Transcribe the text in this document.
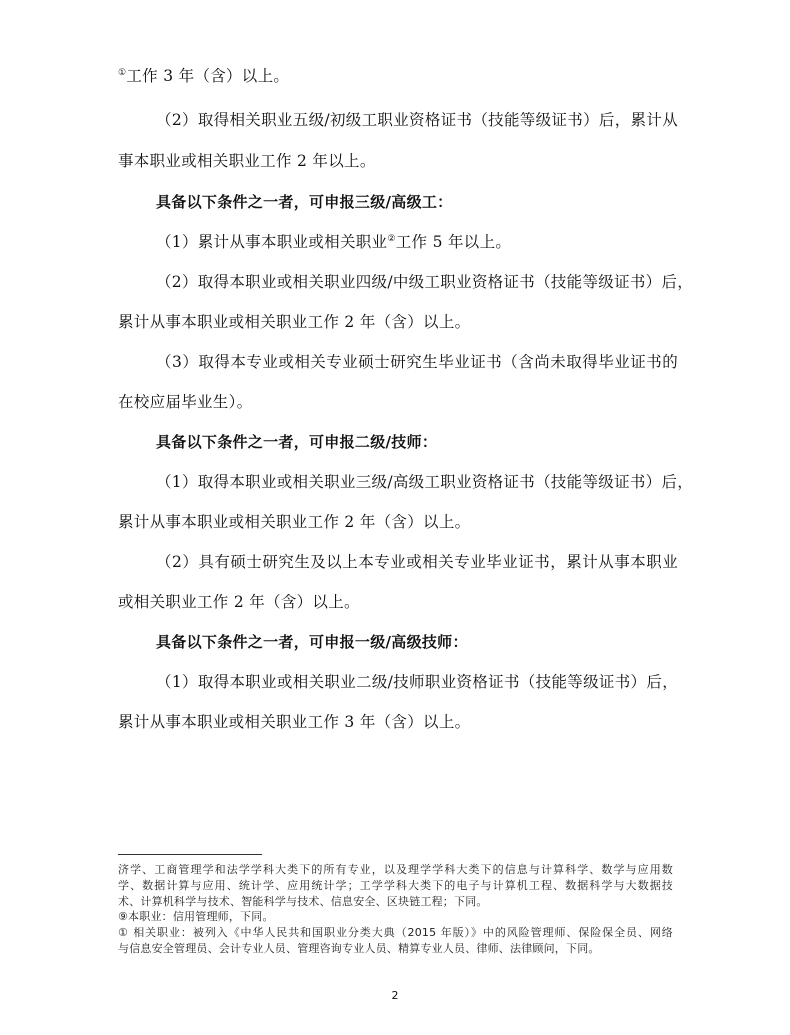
①工作 3 年（含）以上。
（2）取得相关职业五级/初级工职业资格证书（技能等级证书）后，累计从
事本职业或相关职业工作 2 年以上。
具备以下条件之一者，可申报三级/高级工：
（1）累计从事本职业或相关职业②工作 5 年以上。
（2）取得本职业或相关职业四级/中级工职业资格证书（技能等级证书）后，
累计从事本职业或相关职业工作 2 年（含）以上。
（3）取得本专业或相关专业硕士研究生毕业证书（含尚未取得毕业证书的
在校应届毕业生）。
具备以下条件之一者，可申报二级/技师：
（1）取得本职业或相关职业三级/高级工职业资格证书（技能等级证书）后，
累计从事本职业或相关职业工作 2 年（含）以上。
（2）具有硕士研究生及以上本专业或相关专业毕业证书，累计从事本职业
或相关职业工作 2 年（含）以上。
具备以下条件之一者，可申报一级/高级技师：
（1）取得本职业或相关职业二级/技师职业资格证书（技能等级证书）后，
累计从事本职业或相关职业工作 3 年（含）以上。
济学、工商管理学和法学学科大类下的所有专业，以及理学学科大类下的信息与计算科学、数学与应用数
学、数据计算与应用、统计学、应用统计学；工学学科大类下的电子与计算机工程、数据科学与大数据技
术、计算机科学与技术、智能科学与技术、信息安全、区块链工程；下同。
⑨本职业：信用管理师，下同。
① 相关职业：被列入《中华人民共和国职业分类大典（2015 年版）》中的风险管理师、保险保全员、网络
与信息安全管理员、会计专业人员、管理咨询专业人员、精算专业人员、律师、法律顾问，下同。
2
